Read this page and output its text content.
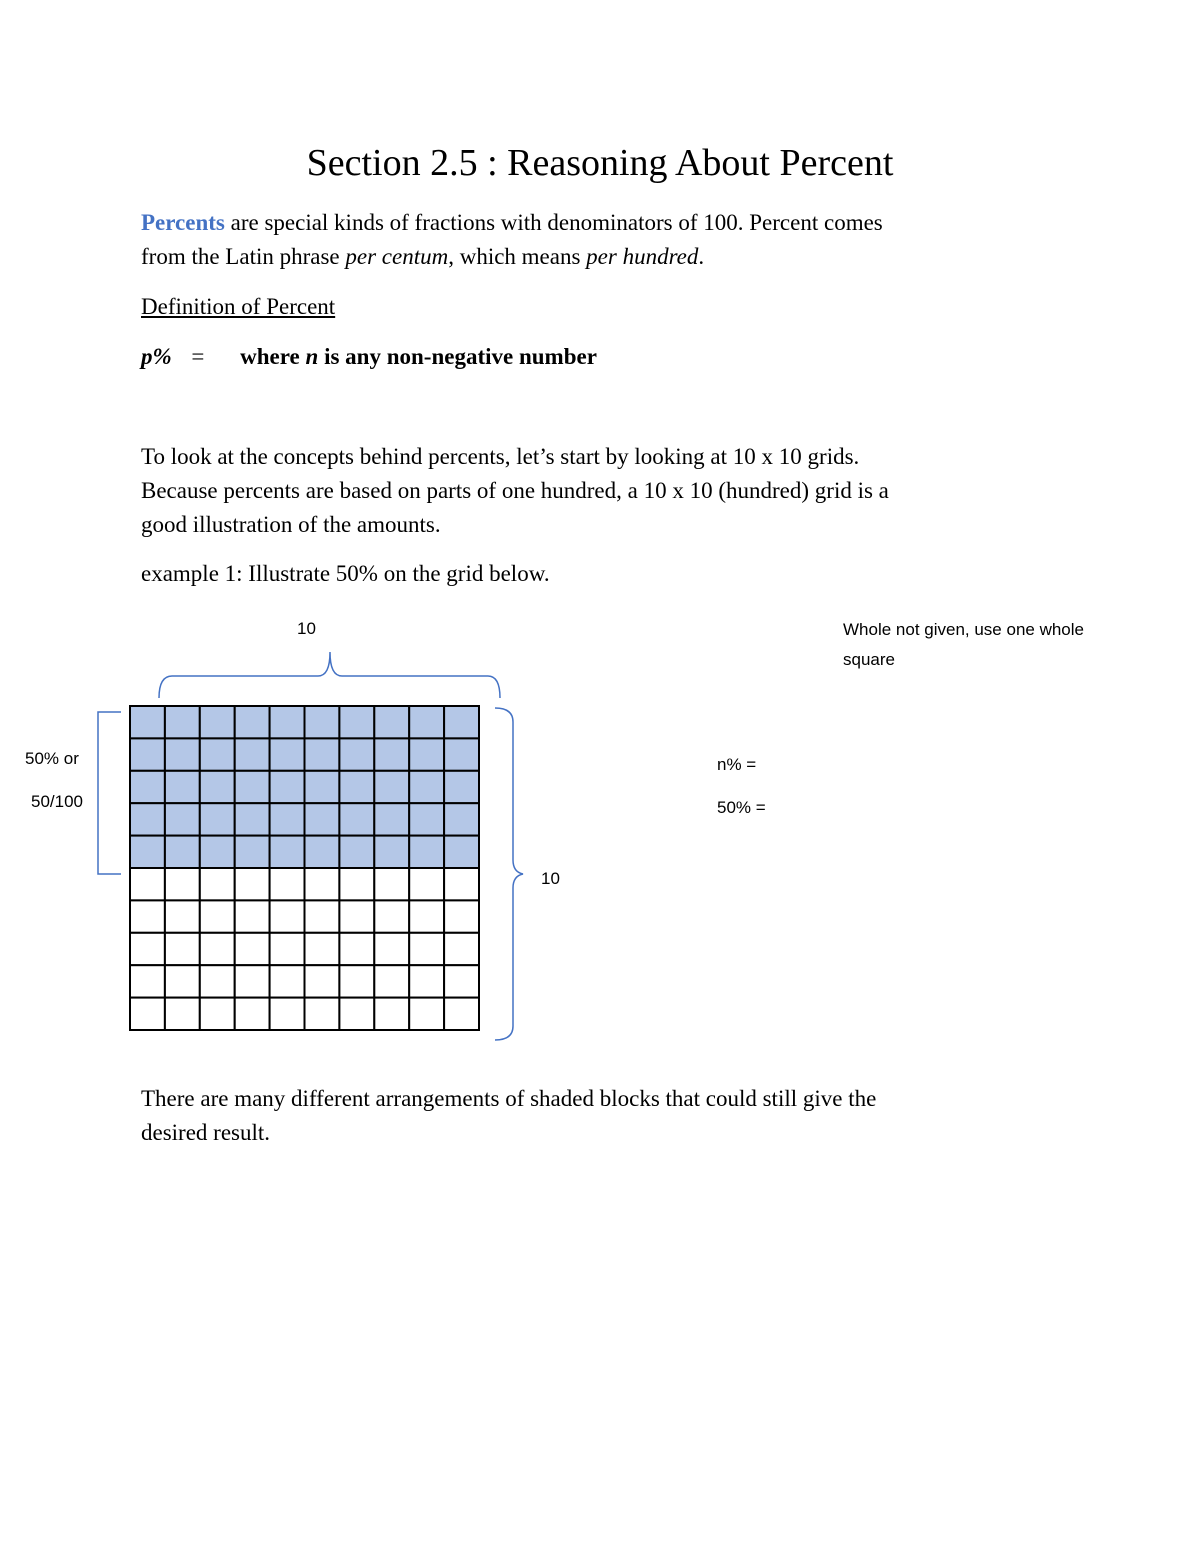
Section 2.5 : Reasoning About Percent
Percents are special kinds of fractions with denominators of 100. Percent comes
from the Latin phrase per centum, which means per hundred.
Definition of Percent
p% = where n is any non-negative number
To look at the concepts behind percents, let’s start by looking at 10 x 10 grids.
Because percents are based on parts of one hundred, a 10 x 10 (hundred) grid is a
good illustration of the amounts.
example 1: Illustrate 50% on the grid below.
10
10
50% or
50/100
Whole not given, use one whole
square
n% =
50% =
There are many different arrangements of shaded blocks that could still give the
desired result.
